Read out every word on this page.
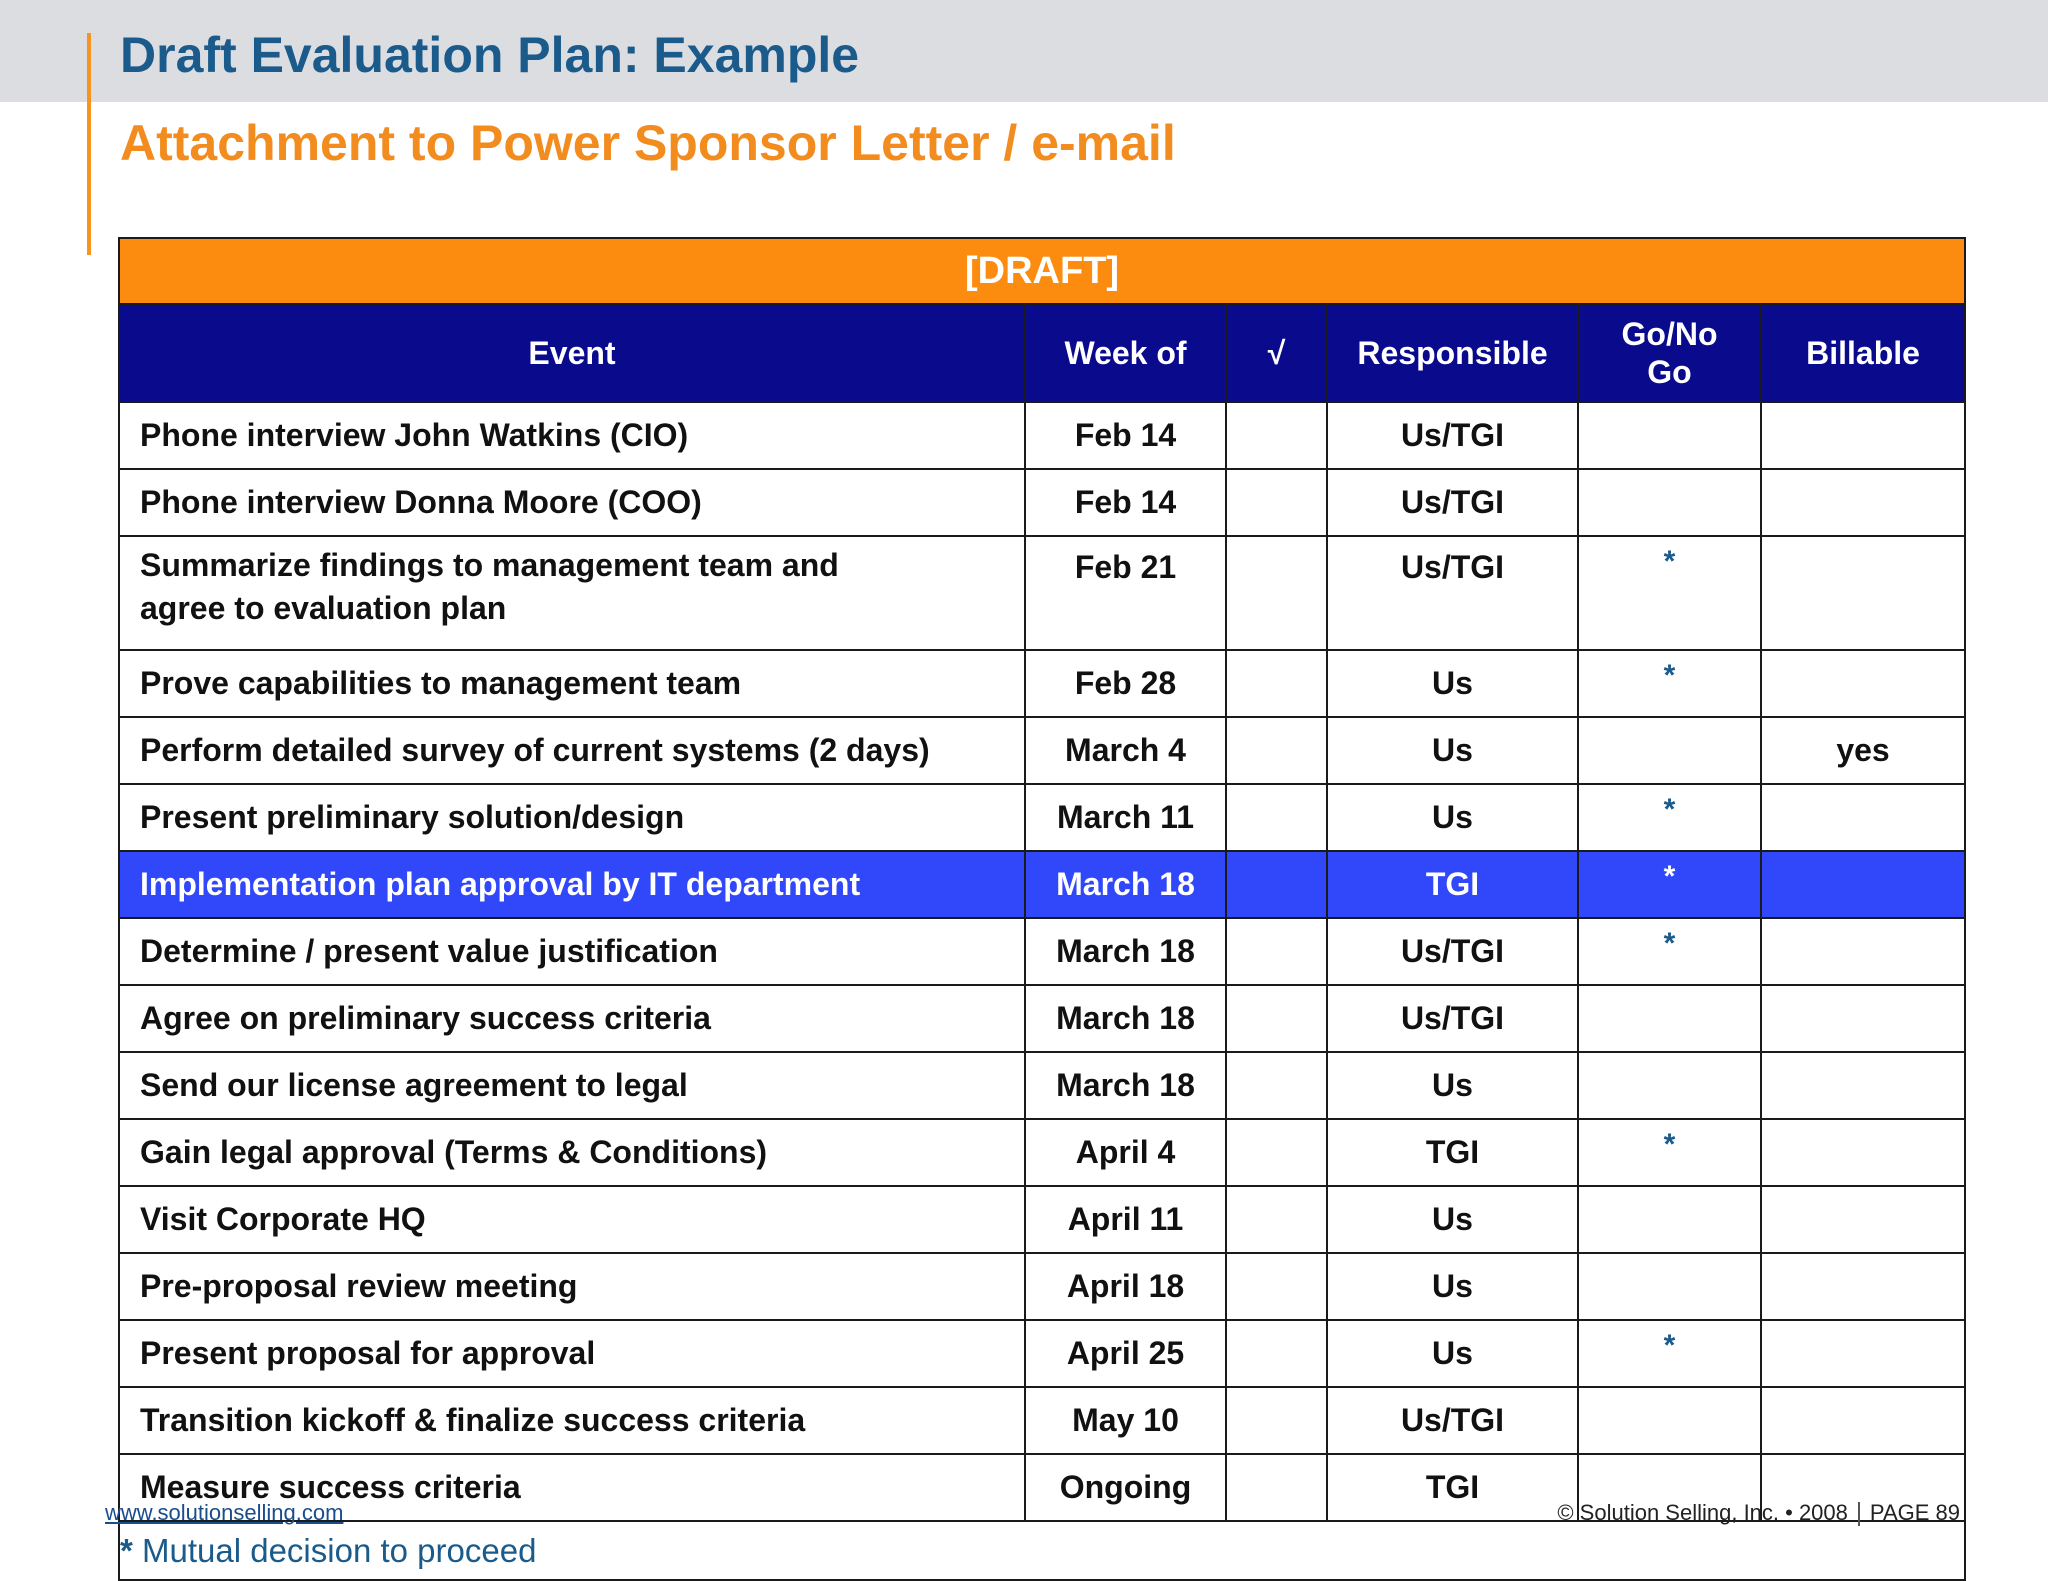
Draft Evaluation Plan: Example
Attachment to Power Sponsor Letter / e-mail
[DRAFT]					
Event	Week of	√	Responsible	Go/No Go	Billable
Phone interview John Watkins (CIO)	Feb 14		Us/TGI		
Phone interview Donna Moore (COO)	Feb 14		Us/TGI		
Summarize findings to management team and agree to evaluation plan	Feb 21		Us/TGI	*	
Prove capabilities to management team	Feb 28		Us	*	
Perform detailed survey of current systems (2 days)	March 4		Us		yes
Present preliminary solution/design	March 11		Us	*	
Implementation plan approval by IT department	March 18		TGI	*	
Determine / present value justification	March 18		Us/TGI	*	
Agree on preliminary success criteria	March 18		Us/TGI		
Send our license agreement to legal	March 18		Us		
Gain legal approval (Terms & Conditions)	April 4		TGI	*	
Visit Corporate HQ	April 11		Us		
Pre-proposal review meeting	April 18		Us		
Present proposal for approval	April 25		Us	*	
Transition kickoff & finalize success criteria	May 10		Us/TGI		
Measure success criteria	Ongoing		TGI		
* Mutual decision to proceed					
www.solutionselling.com	© Solution Selling, Inc. • 2008 PAGE 89
